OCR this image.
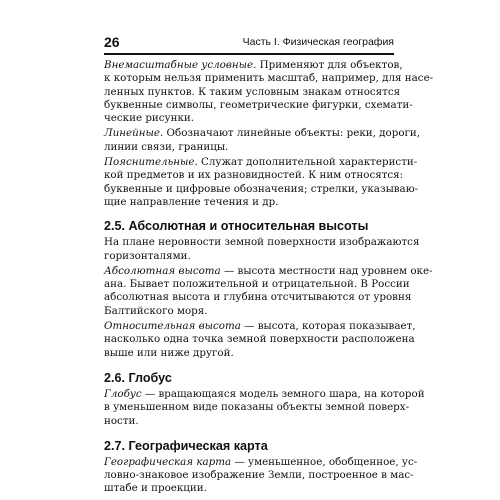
26	Часть I. Физическая география

Внемасштабные условные. Применяют для объектов,
к которым нельзя применить масштаб, например, для насе-
ленных пунктов. К таким условным знакам относятся
буквенные символы, геометрические фигурки, схемати-
ческие рисунки.

Линейные. Обозначают линейные объекты: реки, дороги,
линии связи, границы.

Пояснительные. Служат дополнительной характеристи-
кой предметов и их разновидностей. К ним относятся:
буквенные и цифровые обозначения; стрелки, указываю-
щие направление течения и др.

2.5. Абсолютная и относительная высоты

На плане неровности земной поверхности изображаются
горизонталями.

Абсолютная высота — высота местности над уровнем оке-
ана. Бывает положительной и отрицательной. В России
абсолютная высота и глубина отсчитываются от уровня
Балтийского моря.

Относительная высота — высота, которая показывает,
насколько одна точка земной поверхности расположена
выше или ниже другой.

2.6. Глобус

Глобус — вращающаяся модель земного шара, на которой
в уменьшенном виде показаны объекты земной поверх-
ности.

2.7. Географическая карта

Географическая карта — уменьшенное, обобщенное, ус-
ловно-знаковое изображение Земли, построенное в мас-
штабе и проекции.
